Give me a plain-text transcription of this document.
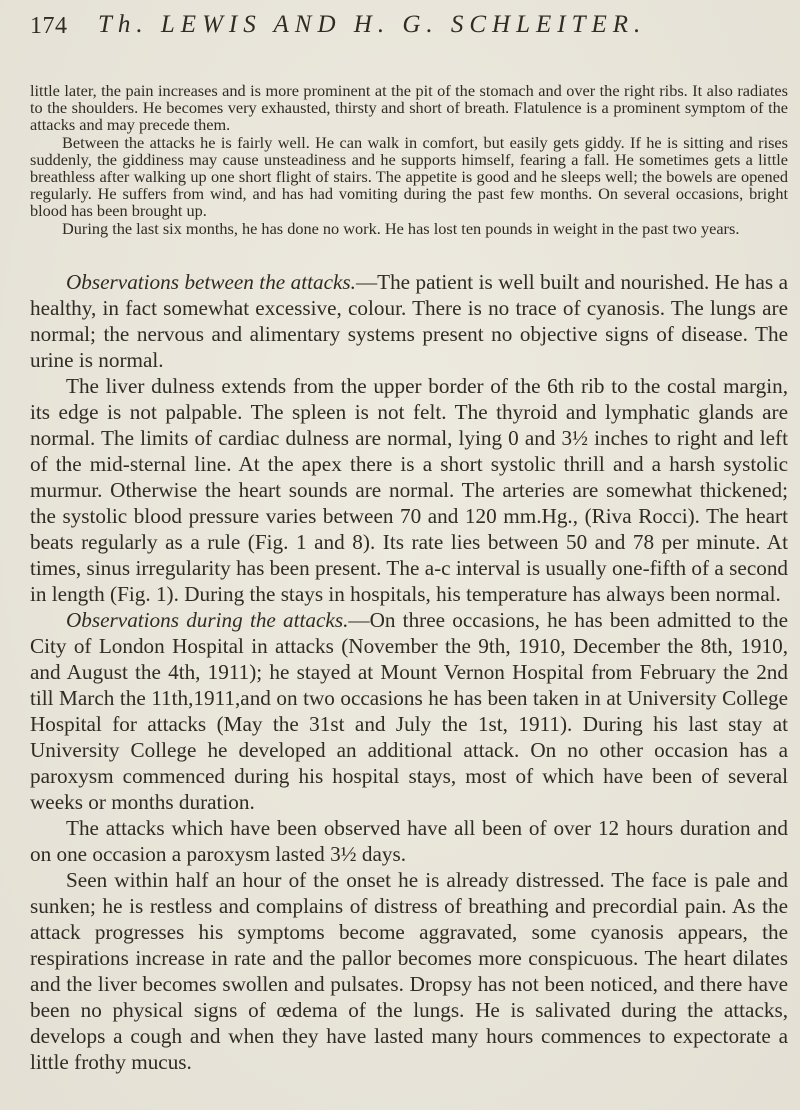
174 Th. LEWIS AND H. G. SCHLEITER.

little later, the pain increases and is more prominent at the pit of the stomach and over the right ribs. It also radiates to the shoulders. He becomes very exhausted, thirsty and short of breath. Flatulence is a prominent symptom of the attacks and may precede them.

Between the attacks he is fairly well. He can walk in comfort, but easily gets giddy. If he is sitting and rises suddenly, the giddiness may cause unsteadiness and he supports himself, fearing a fall. He sometimes gets a little breathless after walking up one short flight of stairs. The appetite is good and he sleeps well; the bowels are opened regularly. He suffers from wind, and has had vomiting during the past few months. On several occasions, bright blood has been brought up.

During the last six months, he has done no work. He has lost ten pounds in weight in the past two years.

Observations between the attacks.—The patient is well built and nourished. He has a healthy, in fact somewhat excessive, colour. There is no trace of cyanosis. The lungs are normal; the nervous and alimentary systems present no objective signs of disease. The urine is normal.

The liver dulness extends from the upper border of the 6th rib to the costal margin, its edge is not palpable. The spleen is not felt. The thyroid and lymphatic glands are normal. The limits of cardiac dulness are normal, lying 0 and 3½ inches to right and left of the mid-sternal line. At the apex there is a short systolic thrill and a harsh systolic murmur. Otherwise the heart sounds are normal. The arteries are somewhat thickened; the systolic blood pressure varies between 70 and 120 mm.Hg., (Riva Rocci). The heart beats regularly as a rule (Fig. 1 and 8). Its rate lies between 50 and 78 per minute. At times, sinus irregularity has been present. The a-c interval is usually one-fifth of a second in length (Fig. 1). During the stays in hospitals, his temperature has always been normal.

Observations during the attacks.—On three occasions, he has been admitted to the City of London Hospital in attacks (November the 9th, 1910, December the 8th, 1910, and August the 4th, 1911); he stayed at Mount Vernon Hospital from February the 2nd till March the 11th,1911,and on two occasions he has been taken in at University College Hospital for attacks (May the 31st and July the 1st, 1911). During his last stay at University College he developed an additional attack. On no other occasion has a paroxysm commenced during his hospital stays, most of which have been of several weeks or months duration.

The attacks which have been observed have all been of over 12 hours duration and on one occasion a paroxysm lasted 3½ days.

Seen within half an hour of the onset he is already distressed. The face is pale and sunken; he is restless and complains of distress of breathing and precordial pain. As the attack progresses his symptoms become aggravated, some cyanosis appears, the respirations increase in rate and the pallor becomes more conspicuous. The heart dilates and the liver becomes swollen and pulsates. Dropsy has not been noticed, and there have been no physical signs of œdema of the lungs. He is salivated during the attacks, develops a cough and when they have lasted many hours commences to expectorate a little frothy mucus.
